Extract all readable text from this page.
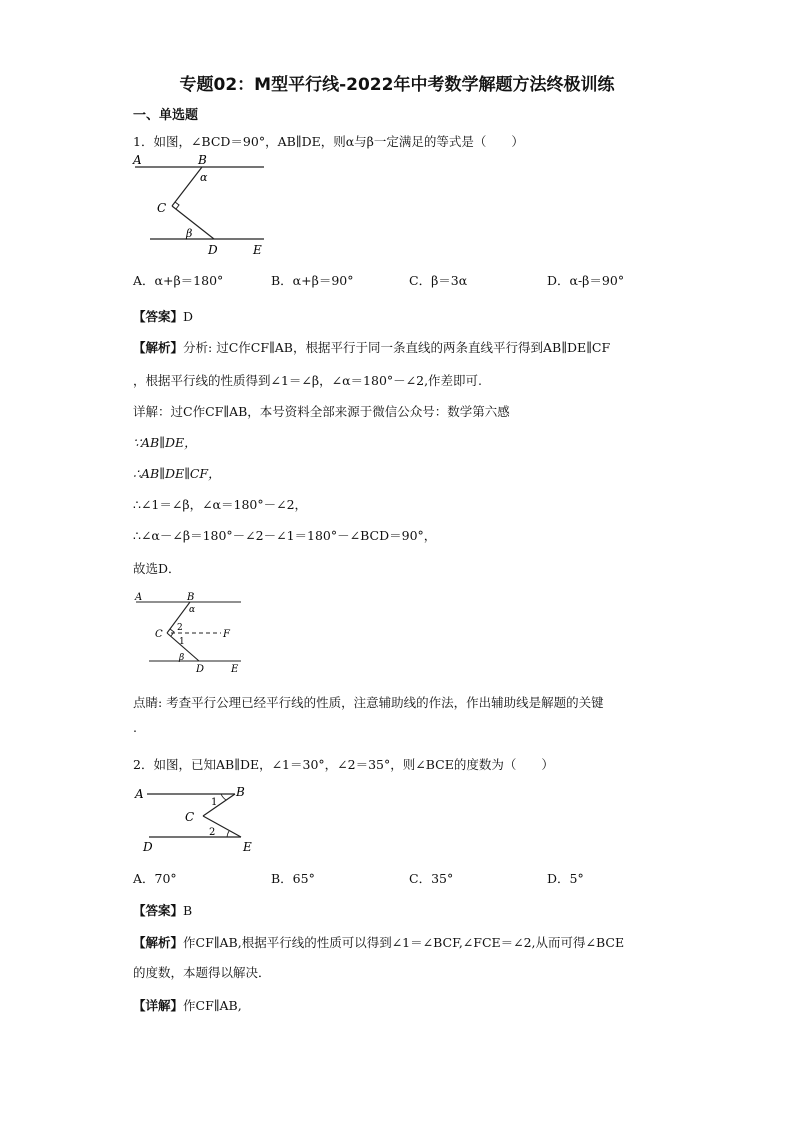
专题02：M型平行线-2022年中考数学解题方法终极训练
一、单选题
1．如图，∠BCD＝90°，AB∥DE，则α与β一定满足的等式是（　　）
A	B
α
C
β
D	E
A．α+β＝180°	B．α+β＝90°	C．β＝3α	D．α-β＝90°
【答案】D
【解析】分析: 过C作CF∥AB，根据平行于同一条直线的两条直线平行得到AB∥DE∥CF
，根据平行线的性质得到∠1＝∠β，∠α＝180°－∠2,作差即可.
详解：过C作CF∥AB，本号资料全部来源于微信公众号：数学第六感
∵AB∥DE，
∴AB∥DE∥CF，
∴∠1＝∠β，∠α＝180°－∠2，
∴∠α－∠β＝180°－∠2－∠1＝180°－∠BCD＝90°，
故选D．
A	B
α
2
C	F
1
β
D	E
点睛: 考查平行公理已经平行线的性质，注意辅助线的作法，作出辅助线是解题的关键
.
2．如图，已知AB∥DE，∠1＝30°，∠2＝35°，则∠BCE的度数为（　　）
A	B
1
C
2
D	E
A．70°	B．65°	C．35°	D．5°
【答案】B
【解析】作CF∥AB,根据平行线的性质可以得到∠1＝∠BCF,∠FCE＝∠2,从而可得∠BCE
的度数，本题得以解决．
【详解】作CF∥AB,
